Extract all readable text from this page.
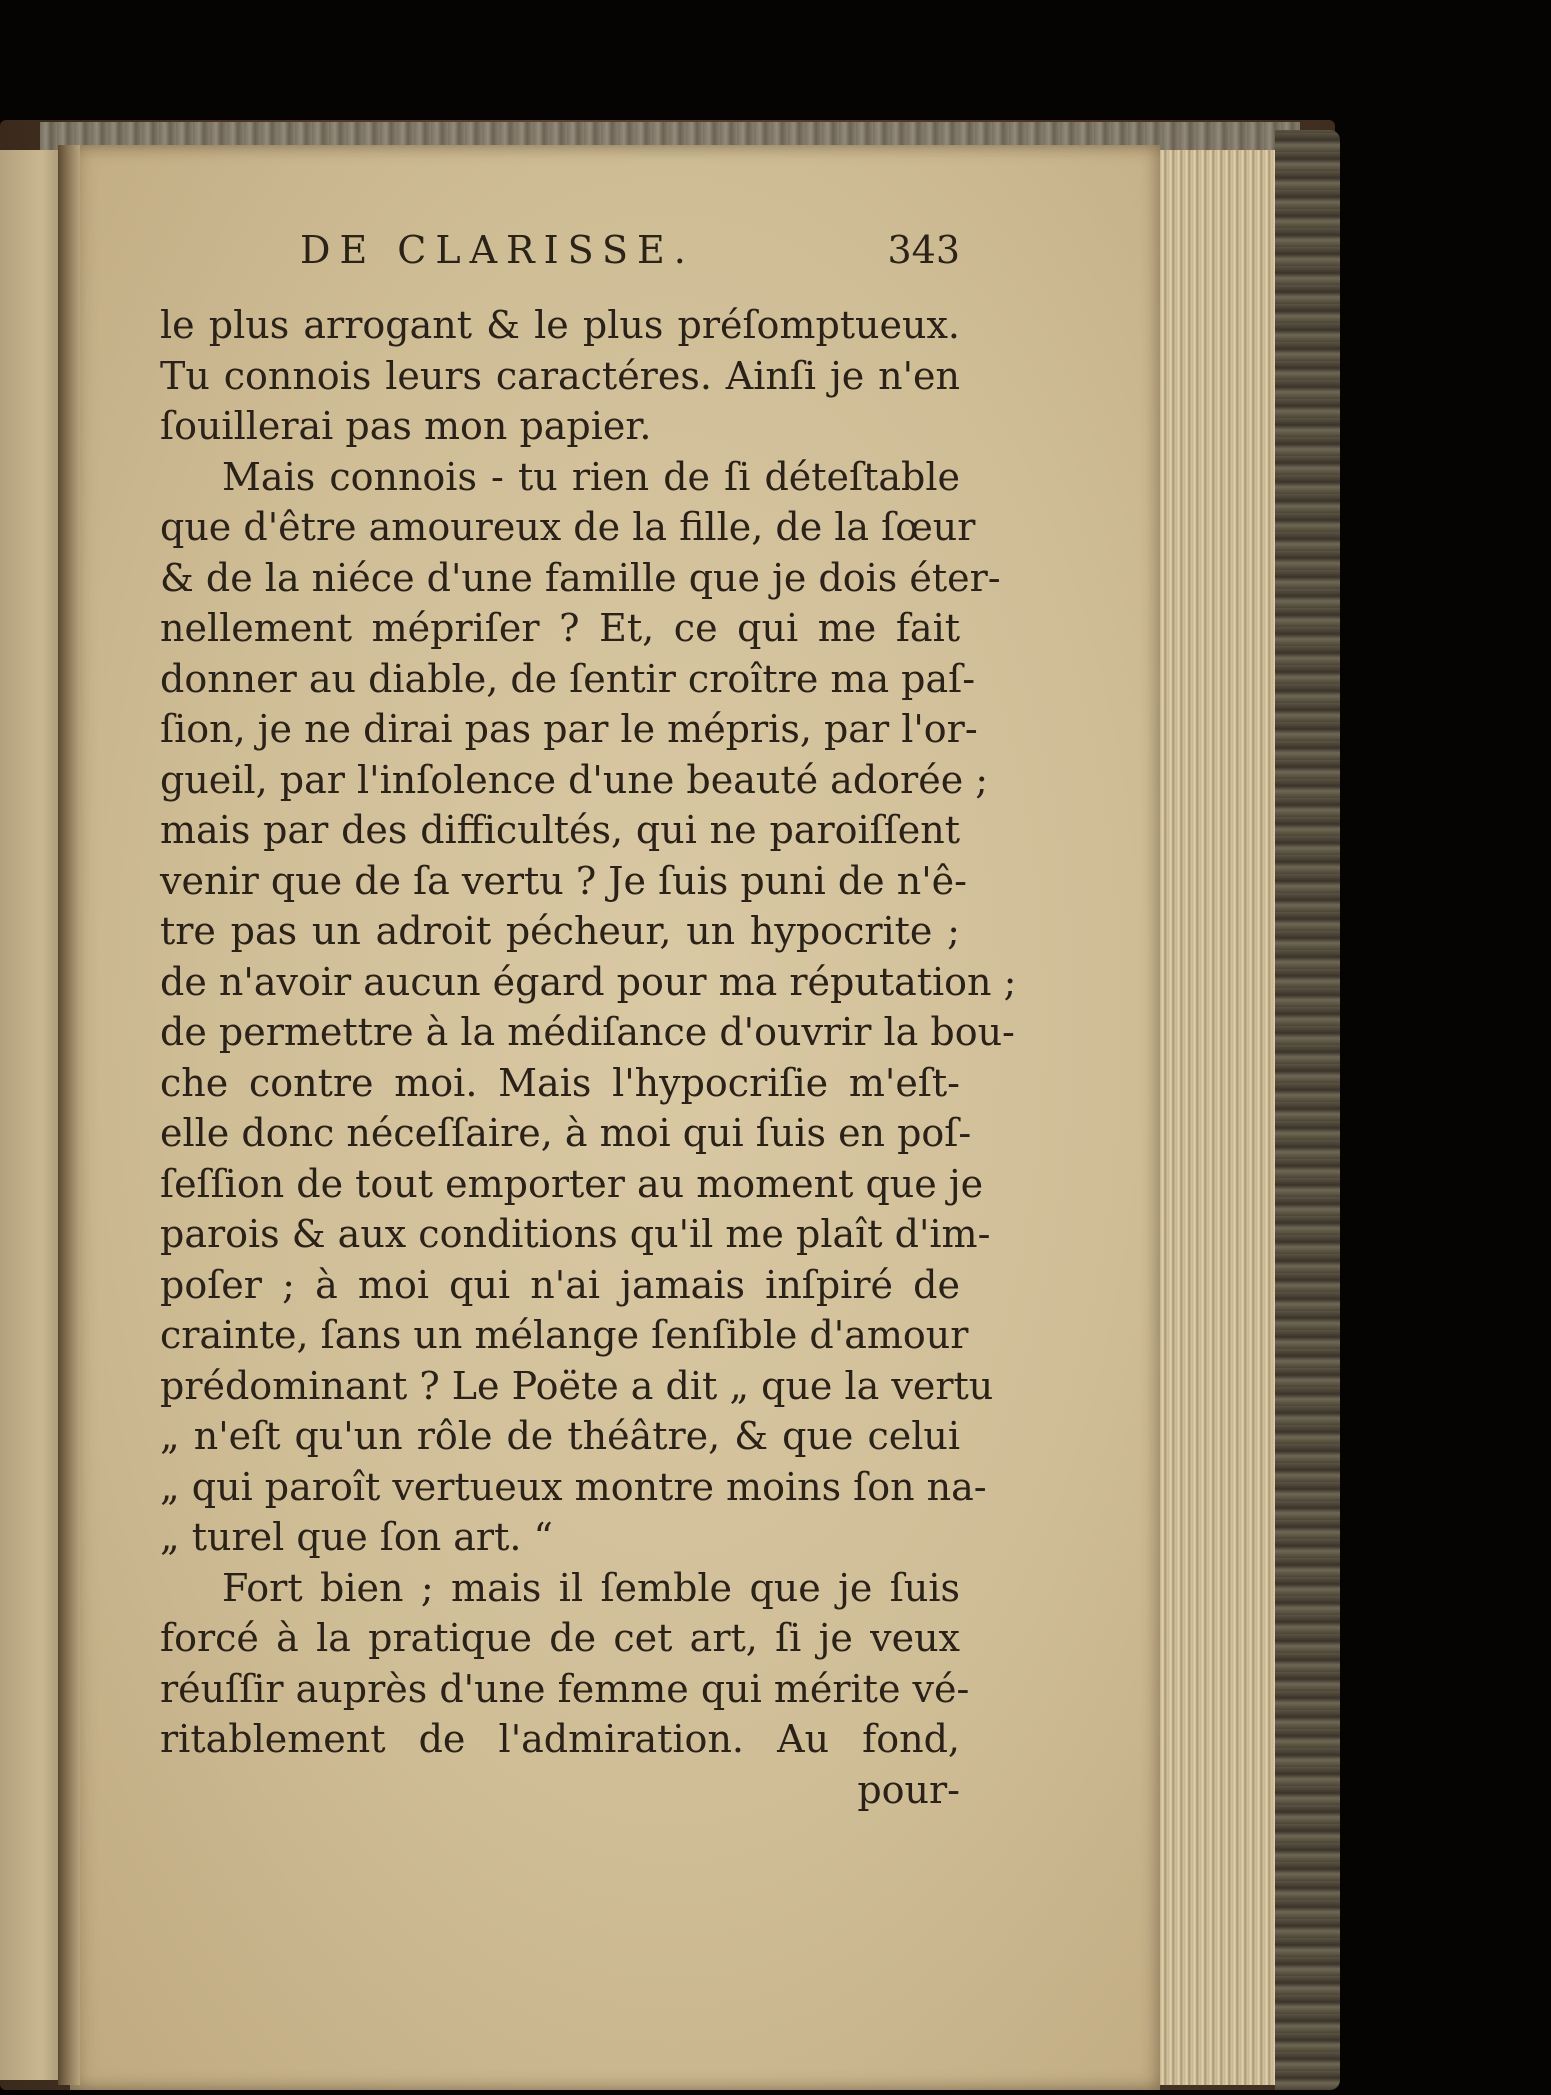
DE CLARISSE.	343
le plus arrogant & le plus préſomptueux.
Tu connois leurs caractéres. Ainſi je n'en
ſouillerai pas mon papier.
Mais connois - tu rien de ſi déteſtable
que d'être amoureux de la fille, de la ſœur
& de la niéce d'une famille que je dois éter-
nellement mépriſer ? Et, ce qui me fait
donner au diable, de ſentir croître ma paſ-
ſion, je ne dirai pas par le mépris, par l'or-
gueil, par l'inſolence d'une beauté adorée ;
mais par des difficultés, qui ne paroiſſent
venir que de ſa vertu ? Je ſuis puni de n'ê-
tre pas un adroit pécheur, un hypocrite ;
de n'avoir aucun égard pour ma réputation ;
de permettre à la médiſance d'ouvrir la bou-
che contre moi. Mais l'hypocriſie m'eſt-
elle donc néceſſaire, à moi qui ſuis en poſ-
ſeſſion de tout emporter au moment que je
parois & aux conditions qu'il me plaît d'im-
poſer ; à moi qui n'ai jamais inſpiré de
crainte, ſans un mélange ſenſible d'amour
prédominant ? Le Poëte a dit „ que la vertu
„ n'eſt qu'un rôle de théâtre, & que celui
„ qui paroît vertueux montre moins ſon na-
„ turel que ſon art. “
Fort bien ; mais il ſemble que je ſuis
forcé à la pratique de cet art, ſi je veux
réuſſir auprès d'une femme qui mérite vé-
ritablement de l'admiration. Au fond,
pour-
